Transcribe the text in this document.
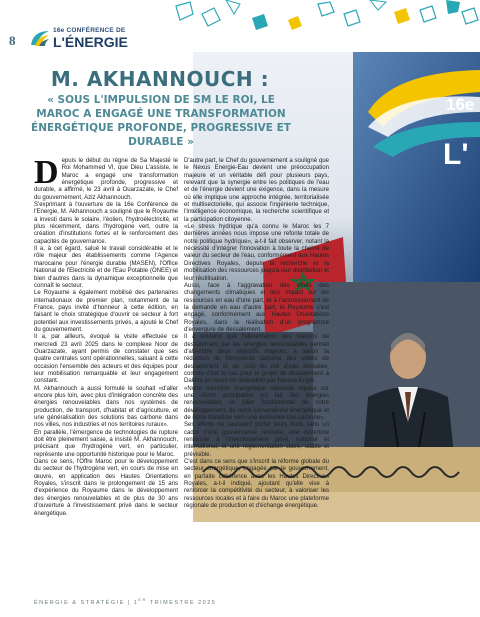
8
16e CONFÉRENCE DE
L'ÉNERGIE
16e
L'
M. AKHANNOUCH :
« SOUS L'IMPULSION DE SM LE ROI, LE MAROC A ENGAGÉ UNE TRANSFORMATION ÉNERGÉTIQUE PROFONDE, PROGRESSIVE ET DURABLE »

Depuis le début du règne de Sa Majesté le Roi Mohammed VI, que Dieu L'assiste, le Maroc a engagé une transformation énergétique profonde, progressive et durable, a affirmé, le 23 avril à Ouarzazate, le Chef du gouvernement, Aziz Akhannouch.

S'exprimant à l'ouverture de la 16e Conférence de l'Energie, M. Akhannouch a souligné que le Royaume a investi dans le solaire, l'éolien, l'hydroélectricité, et plus récemment, dans l'hydrogène vert, outre la création d'institutions fortes et le renforcement des capacités de gouvernance.

Il a, à cet égard, salué le travail considérable et le rôle majeur des établissements comme l'Agence marocaine pour l'énergie durable (MASEN), l'Office National de l'Electricité et de l'Eau Potable (ONEE) et bien d'autres dans la dynamique exceptionnelle que connaît le secteur.

Le Royaume a également mobilisé des partenaires internationaux de premier plan, notamment de la France, pays invité d'honneur à cette édition, en faisant le choix stratégique d'ouvrir ce secteur à fort potentiel aux investissements privés, a ajouté le Chef du gouvernement.

Il a, par ailleurs, évoqué la visite effectuée ce mercredi 23 avril 2025 dans le complexe Noor de Ouarzazate, ayant permis de constater que ses quatre centrales sont opérationnelles, saluant à cette occasion l'ensemble des acteurs et des équipes pour leur mobilisation remarquable et leur engagement constant.

M. Akhannouch a aussi formulé le souhait «d'aller encore plus loin, avec plus d'intégration concrète des énergies renouvelables dans nos systèmes de production, de transport, d'habitat et d'agriculture, et une généralisation des solutions bas carbone dans nos villes, nos industries et nos territoires ruraux».

En parallèle, l'émergence de technologies de rupture doit être pleinement saisie, a insisté M. Akhannouch, précisant que l'hydrogène vert, en particulier, représente une opportunité historique pour le Maroc.

Dans ce sens, l'Offre Maroc pour le développement du secteur de l'hydrogène vert, en cours de mise en œuvre, en application des Hautes Orientations Royales, s'inscrit dans le prolongement de 15 ans d'expérience du Royaume dans le développement des énergies renouvelables et de plus de 30 ans d'ouverture à l'investissement privé dans le secteur énergétique.

D'autre part, le Chef du gouvernement a souligné que le Nexus Energie-Eau devient une préoccupation majeure et un véritable défi pour plusieurs pays, relevant que la synergie entre les politiques de l'eau et de l'énergie devient une exigence, dans la mesure où elle implique une approche intégrée, territorialisée et multisectorielle, qui associe l'ingénierie technique, l'intelligence économique, la recherche scientifique et la participation citoyenne.

«Le stress hydrique qu'a connu le Maroc les 7 dernières années nous impose une refonte totale de notre politique hydrique», a-t-il fait observer, notant la nécessité d'intégrer l'innovation à toute la chaîne de valeur du secteur de l'eau, conformément aux Hautes Directives Royales, depuis la recherche et la mobilisation des ressources jusqu'à leur distribution et leur réutilisation.

Aussi, face à l'aggravation des effets des changements climatiques et leur impact sur les ressources en eau d'une part, et à l'accroissement de la demande en eau d'autre part, le Royaume s'est engagé, conformément aux Hautes Orientations Royales, dans la réalisation d'un programme d'envergure de dessalement.

Il a soutenu que l'alimentation des stations de dessalement par les énergies renouvelables permet d'atteindre deux objectifs majeurs, à savoir la réduction de l'empreinte carbone des unités de dessalement et du coût du m3 d'eau dessalée, comme c'est le cas pour le projet de dessalement à Dakhla en cours de réalisation par Nareva Engie.

«Notre transition énergétique nationale repose sur une vision anticipative qui fait des énergies renouvelables un pilier fondamental de notre développement, de notre souveraineté énergétique et de notre transition vers une économie bas carbone».

Ses efforts ne sauraient porter leurs fruits sans un cadre d'une gouvernance rénovée, une ouverture renforcée à l'investissement privé, national et international, et une réglementation claire, stable et prévisible.

C'est dans ce sens que s'inscrit la réforme globale du secteur énergétique, engagée par le gouvernement, en parfaite cohérence avec les Hautes Directives Royales, a-t-il indiqué, ajoutant qu'elle vise à renforcer la compétitivité du secteur, à valoriser les ressources locales et à faire du Maroc une plateforme régionale de production et d'échange énergétique.

ÉNERGIE & STRATÉGIE | 1ER TRIMESTRE 2025
